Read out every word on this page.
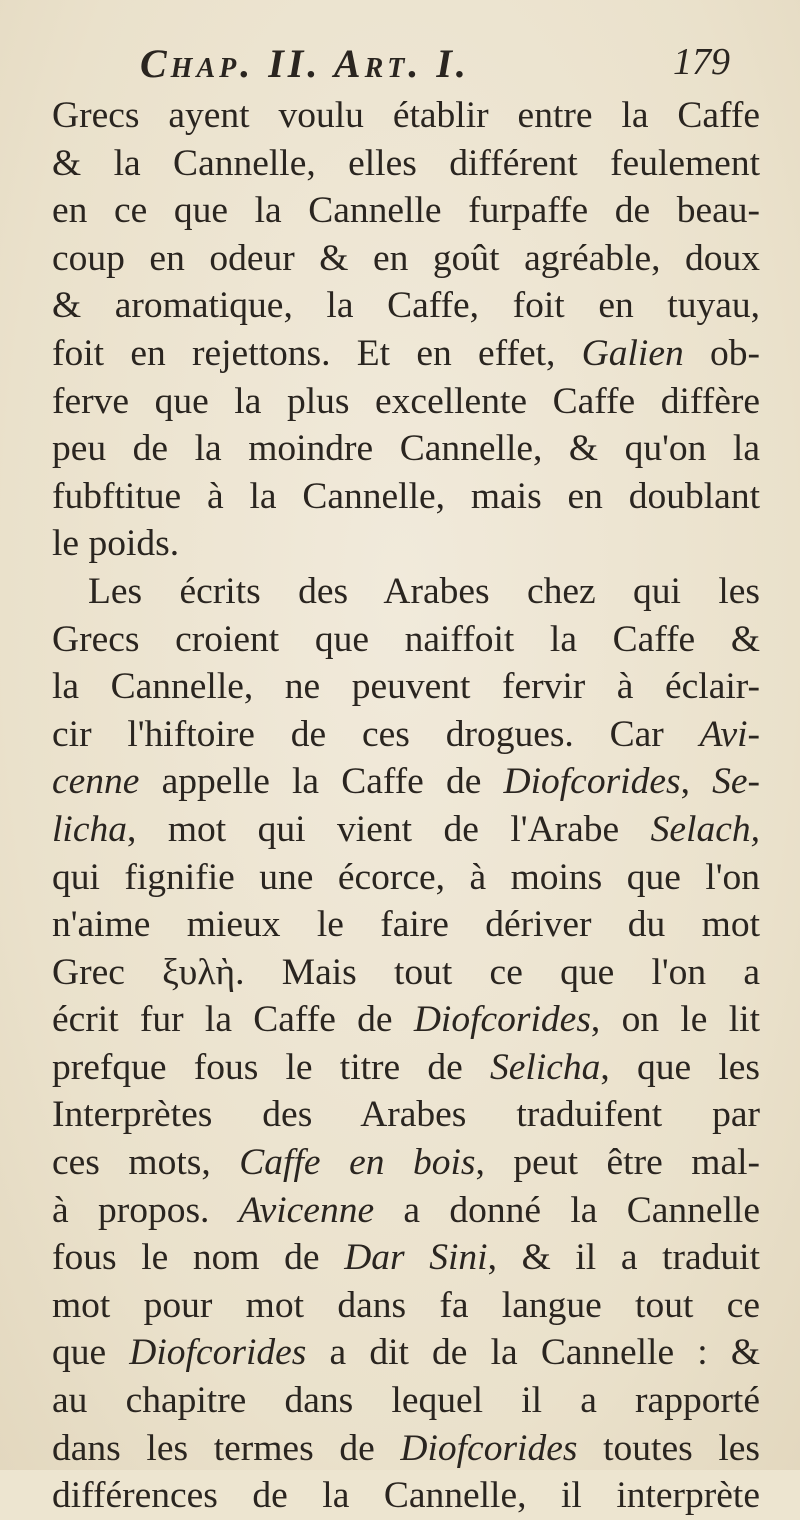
Chap. II. Art. I.	179
Grecs ayent voulu établir entre la Caffe
& la Cannelle, elles différent feulement
en ce que la Cannelle furpaffe de beau-
coup en odeur & en goût agréable, doux
& aromatique, la Caffe, foit en tuyau,
foit en rejettons. Et en effet, Galien ob-
ferve que la plus excellente Caffe diffère
peu de la moindre Cannelle, & qu'on la
fubftitue à la Cannelle, mais en doublant
le poids.
Les écrits des Arabes chez qui les
Grecs croient que naiffoit la Caffe &
la Cannelle, ne peuvent fervir à éclair-
cir l'hiftoire de ces drogues. Car Avi-
cenne appelle la Caffe de Diofcorides, Se-
licha, mot qui vient de l'Arabe Selach,
qui fignifie une écorce, à moins que l'on
n'aime mieux le faire dériver du mot
Grec ξυλὴ. Mais tout ce que l'on a
écrit fur la Caffe de Diofcorides, on le lit
prefque fous le titre de Selicha, que les
Interprètes des Arabes traduifent par
ces mots, Caffe en bois, peut être mal-
à propos. Avicenne a donné la Cannelle
fous le nom de Dar Sini, & il a traduit
mot pour mot dans fa langue tout ce
que Diofcorides a dit de la Cannelle : &
au chapitre dans lequel il a rapporté
dans les termes de Diofcorides toutes les
différences de la Cannelle, il interprète
